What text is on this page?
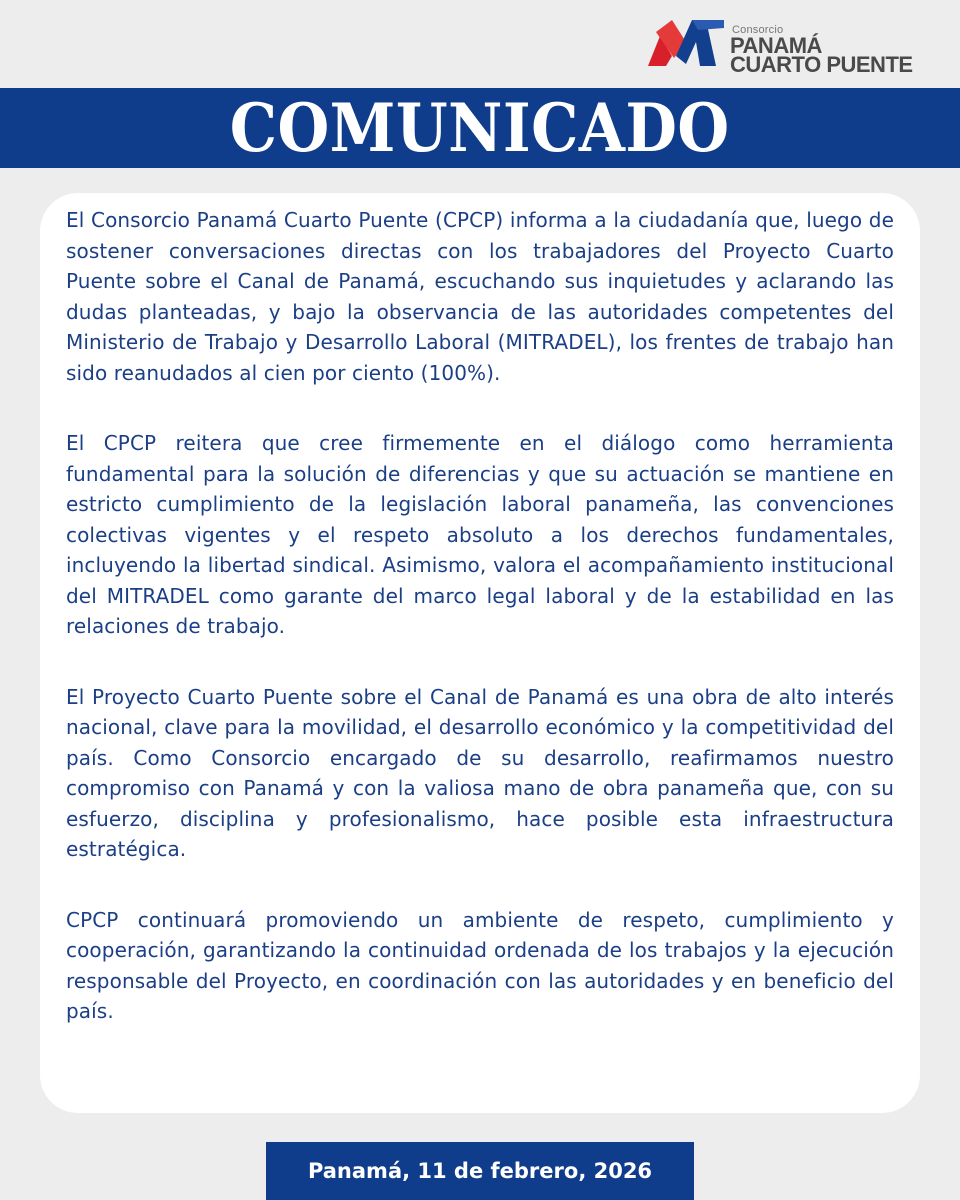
Consorcio
PANAMÁ
CUARTO PUENTE
COMUNICADO

El Consorcio Panamá Cuarto Puente (CPCP) informa a la ciudadanía que, luego de sostener conversaciones directas con los trabajadores del Proyecto Cuarto Puente sobre el Canal de Panamá, escuchando sus inquietudes y aclarando las dudas planteadas, y bajo la observancia de las autoridades competentes del Ministerio de Trabajo y Desarrollo Laboral (MITRADEL), los frentes de trabajo han sido reanudados al cien por ciento (100%).

El CPCP reitera que cree firmemente en el diálogo como herramienta fundamental para la solución de diferencias y que su actuación se mantiene en estricto cumplimiento de la legislación laboral panameña, las convenciones colectivas vigentes y el respeto absoluto a los derechos fundamentales, incluyendo la libertad sindical. Asimismo, valora el acompañamiento institucional del MITRADEL como garante del marco legal laboral y de la estabilidad en las relaciones de trabajo.

El Proyecto Cuarto Puente sobre el Canal de Panamá es una obra de alto interés nacional, clave para la movilidad, el desarrollo económico y la competitividad del país. Como Consorcio encargado de su desarrollo, reafirmamos nuestro compromiso con Panamá y con la valiosa mano de obra panameña que, con su esfuerzo, disciplina y profesionalismo, hace posible esta infraestructura estratégica.

CPCP continuará promoviendo un ambiente de respeto, cumplimiento y cooperación, garantizando la continuidad ordenada de los trabajos y la ejecución responsable del Proyecto, en coordinación con las autoridades y en beneficio del país.

Panamá, 11 de febrero, 2026
